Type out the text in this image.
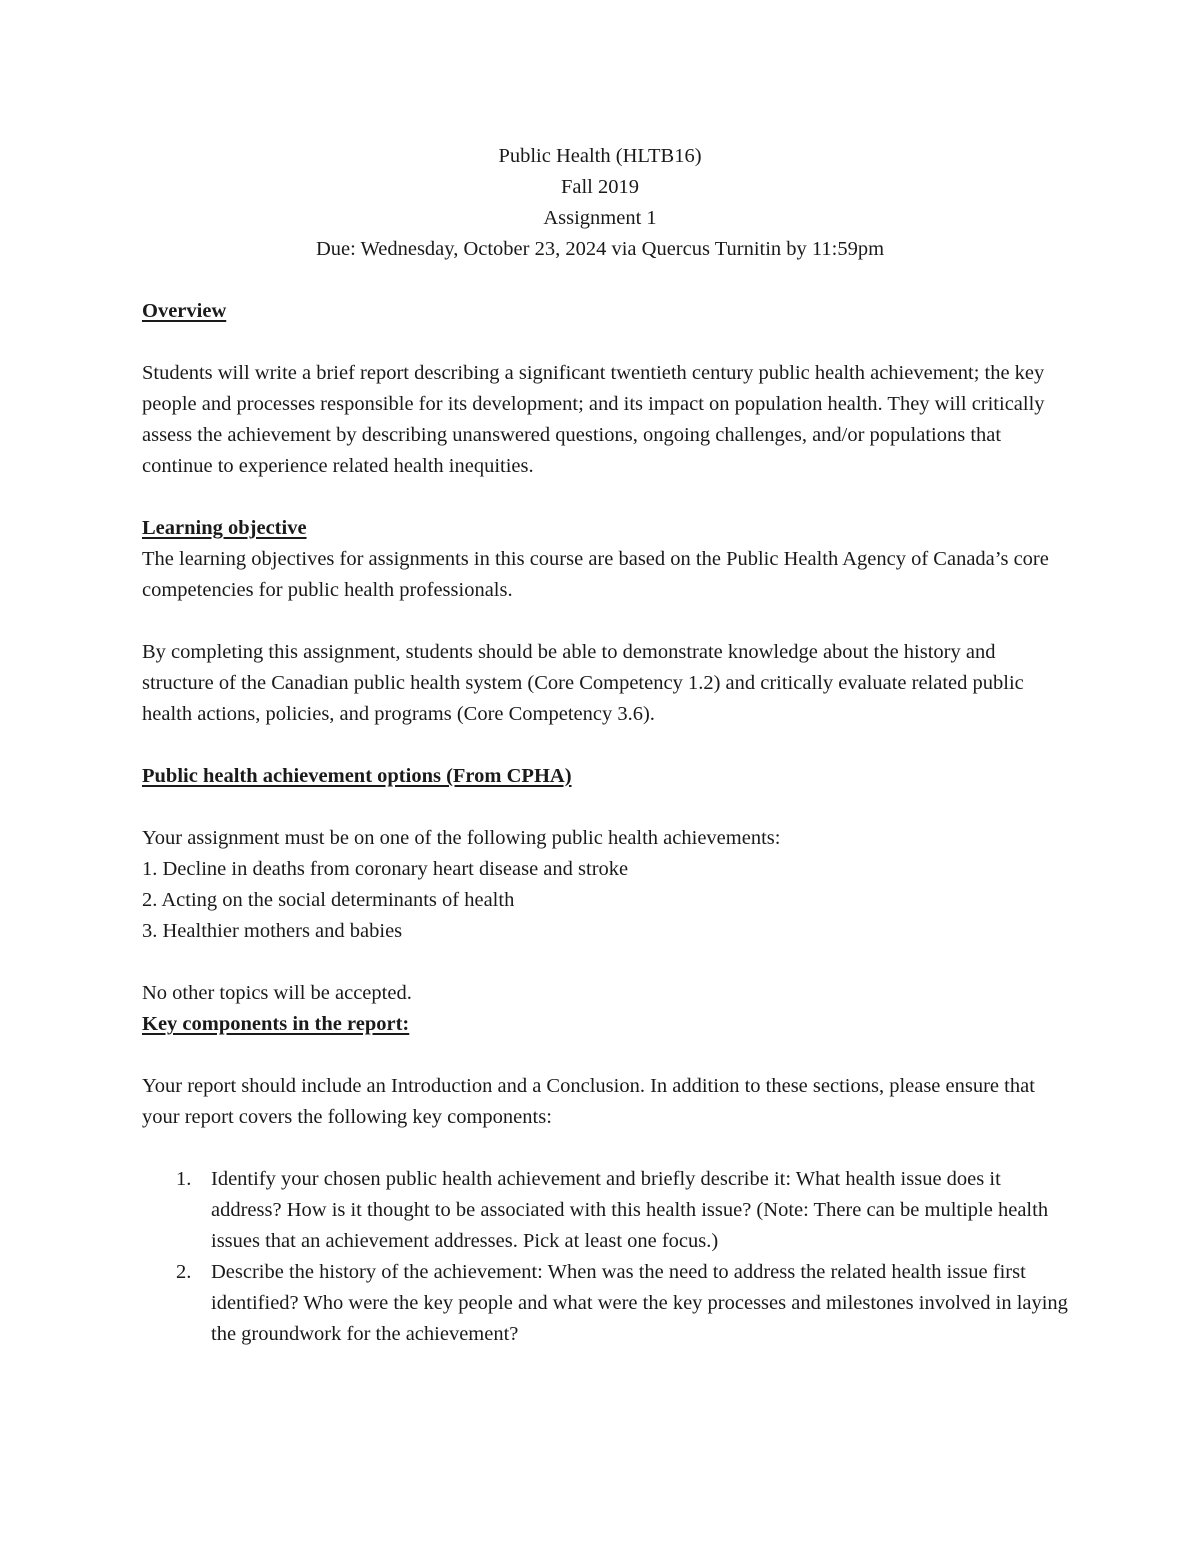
Public Health (HLTB16)
Fall 2019
Assignment 1
Due: Wednesday, October 23, 2024 via Quercus Turnitin by 11:59pm
Overview

Students will write a brief report describing a significant twentieth century public health achievement; the key people and processes responsible for its development; and its impact on population health. They will critically assess the achievement by describing unanswered questions, ongoing challenges, and/or populations that continue to experience related health inequities.

Learning objective

The learning objectives for assignments in this course are based on the Public Health Agency of Canada’s core competencies for public health professionals.

By completing this assignment, students should be able to demonstrate knowledge about the history and structure of the Canadian public health system (Core Competency 1.2) and critically evaluate related public health actions, policies, and programs (Core Competency 3.6).

Public health achievement options (From CPHA)

Your assignment must be on one of the following public health achievements:

1. Decline in deaths from coronary heart disease and stroke
2. Acting on the social determinants of health
3. Healthier mothers and babies

No other topics will be accepted.

Key components in the report:

Your report should include an Introduction and a Conclusion. In addition to these sections, please ensure that your report covers the following key components:

1. Identify your chosen public health achievement and briefly describe it: What health issue does it address? How is it thought to be associated with this health issue? (Note: There can be multiple health issues that an achievement addresses. Pick at least one focus.)
2. Describe the history of the achievement: When was the need to address the related health issue first identified? Who were the key people and what were the key processes and milestones involved in laying the groundwork for the achievement?
